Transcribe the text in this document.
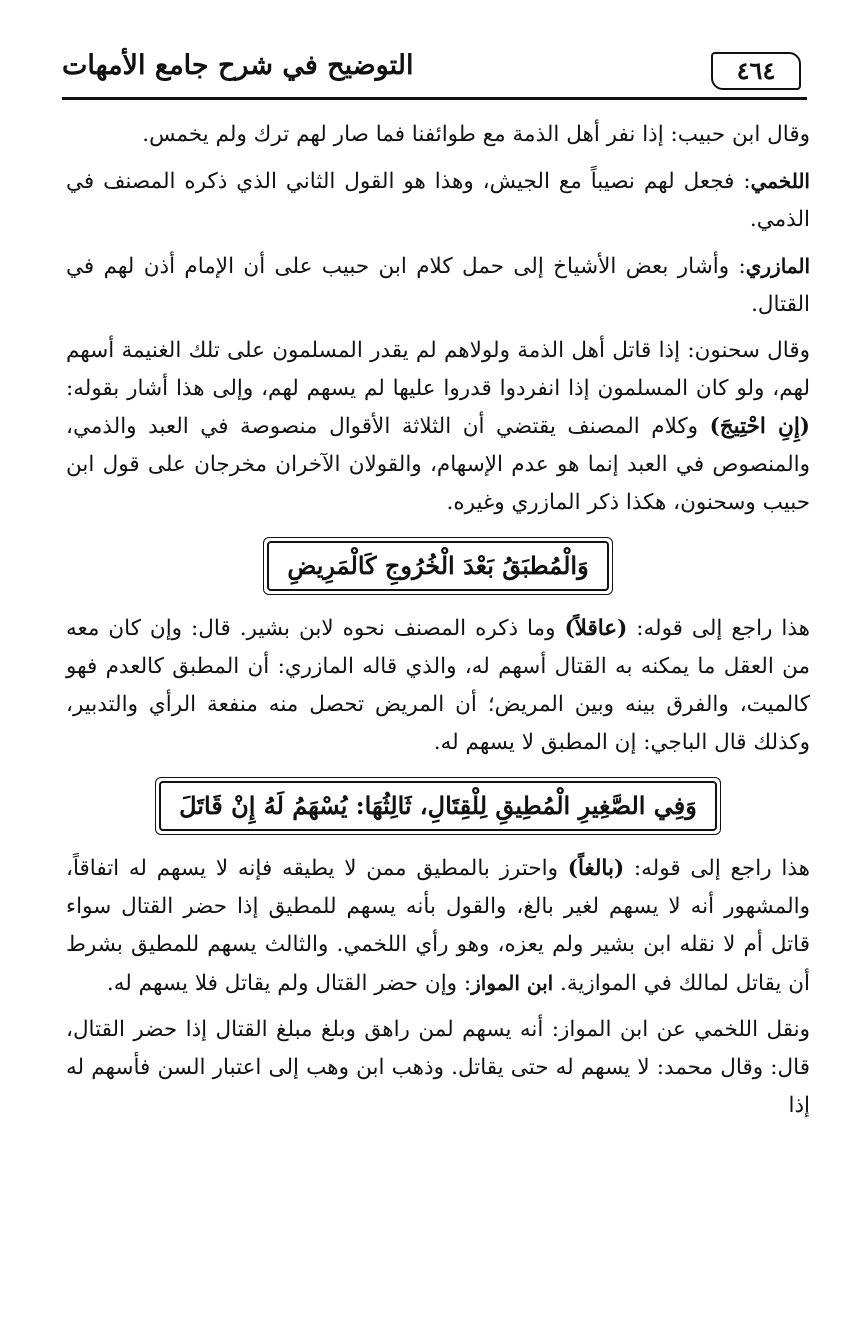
٤٦٤
التوضيح في شرح جامع الأمهات

وقال ابن حبيب: إذا نفر أهل الذمة مع طوائفنا فما صار لهم ترك ولم يخمس.

اللخمي: فجعل لهم نصيباً مع الجيش، وهذا هو القول الثاني الذي ذكره المصنف في الذمي.

المازري: وأشار بعض الأشياخ إلى حمل كلام ابن حبيب على أن الإمام أذن لهم في القتال.

وقال سحنون: إذا قاتل أهل الذمة ولولاهم لم يقدر المسلمون على تلك الغنيمة أسهم لهم، ولو كان المسلمون إذا انفردوا قدروا عليها لم يسهم لهم، وإلى هذا أشار بقوله: (إِنِ احْتِيجَ) وكلام المصنف يقتضي أن الثلاثة الأقوال منصوصة في العبد والذمي، والمنصوص في العبد إنما هو عدم الإسهام، والقولان الآخران مخرجان على قول ابن حبيب وسحنون، هكذا ذكر المازري وغيره.

وَالْمُطبَقُ بَعْدَ الْخُرُوجِ كَالْمَرِيضِ

هذا راجع إلى قوله: (عاقلاً) وما ذكره المصنف نحوه لابن بشير. قال: وإن كان معه من العقل ما يمكنه به القتال أسهم له، والذي قاله المازري: أن المطبق كالعدم فهو كالميت، والفرق بينه وبين المريض؛ أن المريض تحصل منه منفعة الرأي والتدبير، وكذلك قال الباجي: إن المطبق لا يسهم له.

وَفِي الصَّغِيرِ الْمُطِيقِ لِلْقِتَالِ، ثَالِثُهَا: يُسْهَمُ لَهُ إِنْ قَاتَلَ

هذا راجع إلى قوله: (بالغاً) واحترز بالمطيق ممن لا يطيقه فإنه لا يسهم له اتفاقاً، والمشهور أنه لا يسهم لغير بالغ، والقول بأنه يسهم للمطيق إذا حضر القتال سواء قاتل أم لا نقله ابن بشير ولم يعزه، وهو رأي اللخمي. والثالث يسهم للمطيق بشرط أن يقاتل لمالك في الموازية. ابن المواز: وإن حضر القتال ولم يقاتل فلا يسهم له.

ونقل اللخمي عن ابن المواز: أنه يسهم لمن راهق وبلغ مبلغ القتال إذا حضر القتال، قال: وقال محمد: لا يسهم له حتى يقاتل. وذهب ابن وهب إلى اعتبار السن فأسهم له إذا
